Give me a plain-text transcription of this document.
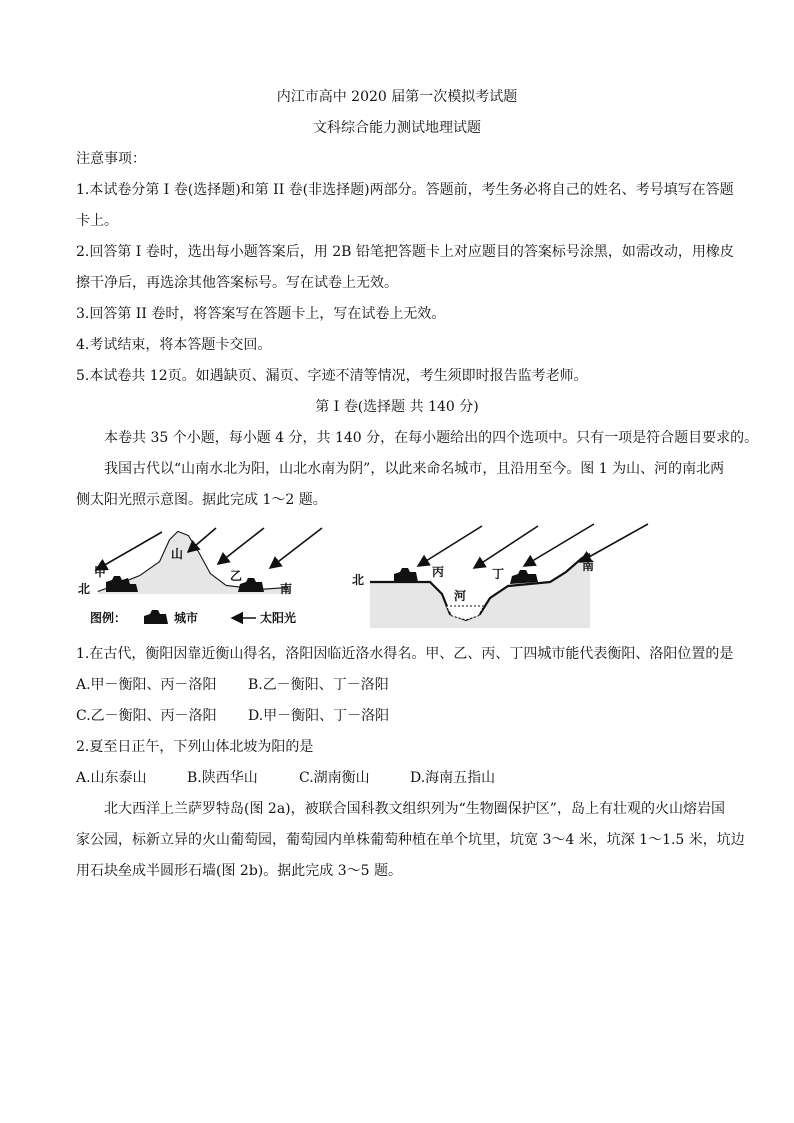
内江市高中 2020 届第一次模拟考试题
文科综合能力测试地理试题
注意事项：
1.本试卷分第 I 卷(选择题)和第 II 卷(非选择题)两部分。答题前，考生务必将自己的姓名、考号填写在答题
卡上。
2.回答第 I 卷时，选出每小题答案后，用 2B 铅笔把答题卡上对应题目的答案标号涂黑，如需改动，用橡皮
擦干净后，再选涂其他答案标号。写在试卷上无效。
3.回答第 II 卷时，将答案写在答题卡上，写在试卷上无效。
4.考试结束，将本答题卡交回。
5.本试卷共 12页。如遇缺页、漏页、字迹不清等情况，考生须即时报告监考老师。
第 I 卷(选择题 共 140 分)
本卷共 35 个小题，每小题 4 分，共 140 分，在每小题给出的四个选项中。只有一项是符合题目要求的。
我国古代以“山南水北为阳，山北水南为阴”，以此来命名城市，且沿用至今。图 1 为山、河的南北两
侧太阳光照示意图。据此完成 1～2 题。
山
甲	乙
北	南
图例：	城市	太阳光
丙	丁
河
北
南
1.在古代，衡阳因靠近衡山得名，洛阳因临近洛水得名。甲、乙、丙、丁四城市能代表衡阳、洛阳位置的是
A.甲－衡阳、丙－洛阳 B.乙－衡阳、丁－洛阳
C.乙－衡阳、丙－洛阳 D.甲－衡阳、丁－洛阳
2.夏至日正午，下列山体北坡为阳的是
A.山东泰山	B.陕西华山	C.湖南衡山	D.海南五指山
北大西洋上兰萨罗特岛(图 2a)，被联合国科教文组织列为“生物圈保护区”，岛上有壮观的火山熔岩国
家公园，标新立异的火山葡萄园，葡萄园内单株葡萄种植在单个坑里，坑宽 3～4 米，坑深 1～1.5 米，坑边
用石块垒成半圆形石墙(图 2b)。据此完成 3～5 题。
